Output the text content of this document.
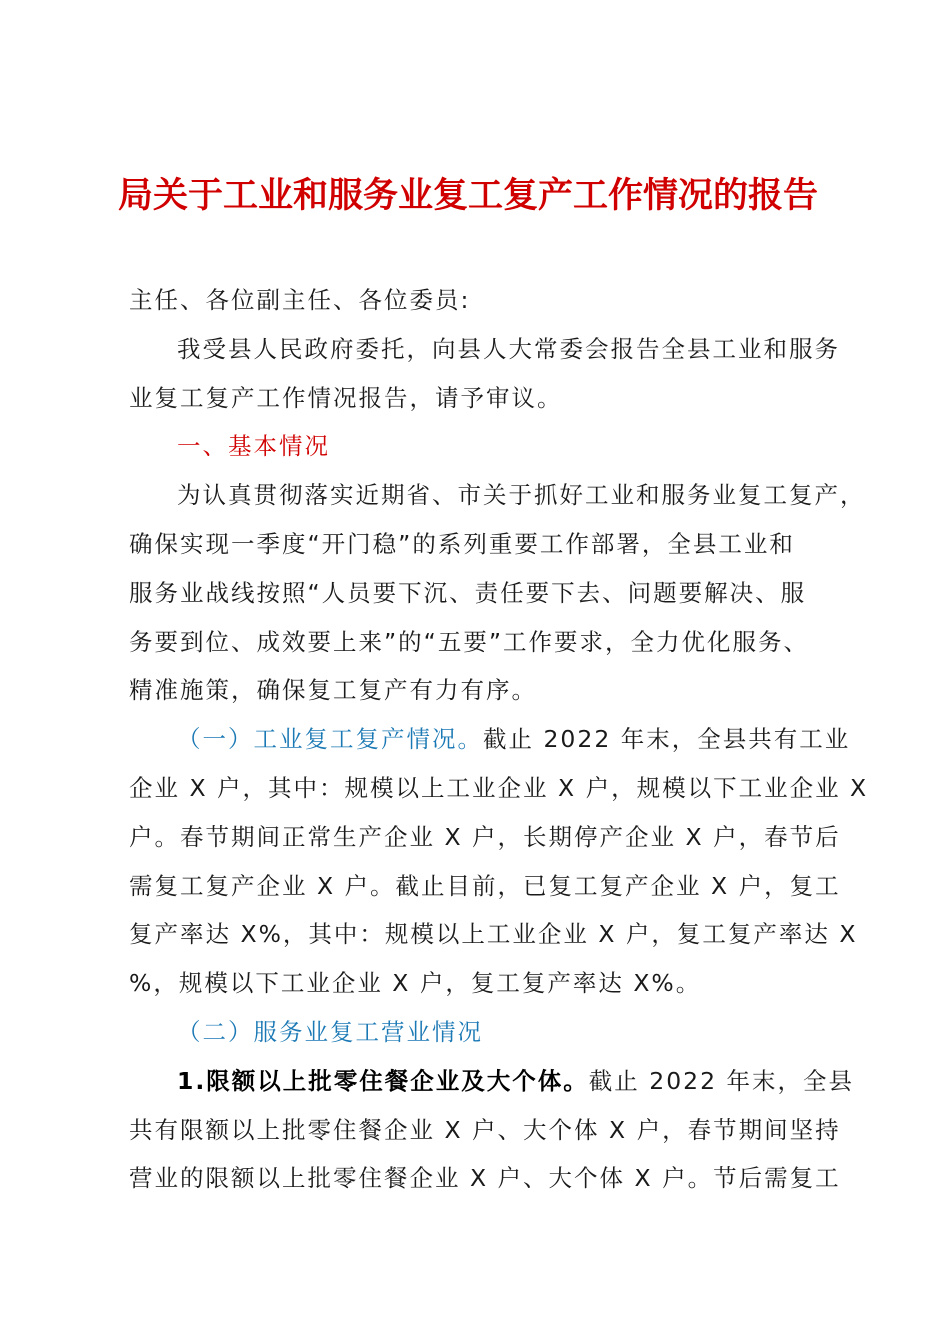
局关于工业和服务业复工复产工作情况的报告
主任、各位副主任、各位委员:
我受县人民政府委托，向县人大常委会报告全县工业和服务
业复工复产工作情况报告，请予审议。
一、基本情况
为认真贯彻落实近期省、市关于抓好工业和服务业复工复产，
确保实现一季度“开门稳”的系列重要工作部署，全县工业和
服务业战线按照“人员要下沉、责任要下去、问题要解决、服
务要到位、成效要上来”的“五要”工作要求，全力优化服务、
精准施策，确保复工复产有力有序。
（一）工业复工复产情况。截止 2022 年末，全县共有工业
企业 X 户，其中：规模以上工业企业 X 户，规模以下工业企业 X
户。春节期间正常生产企业 X 户，长期停产企业 X 户，春节后
需复工复产企业 X 户。截止目前，已复工复产企业 X 户，复工
复产率达 X%，其中：规模以上工业企业 X 户，复工复产率达 X
%，规模以下工业企业 X 户，复工复产率达 X%。
（二）服务业复工营业情况
1.限额以上批零住餐企业及大个体。截止 2022 年末，全县
共有限额以上批零住餐企业 X 户、大个体 X 户，春节期间坚持
营业的限额以上批零住餐企业 X 户、大个体 X 户。节后需复工
